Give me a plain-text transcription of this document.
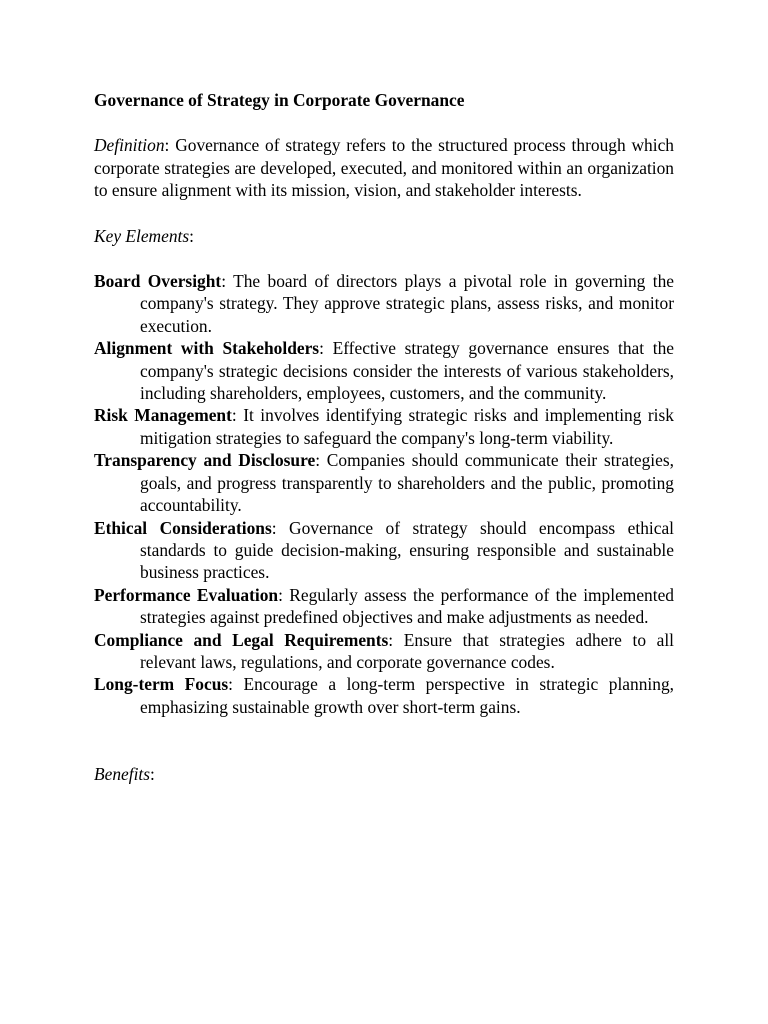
Governance of Strategy in Corporate Governance

Definition: Governance of strategy refers to the structured process through which corporate strategies are developed, executed, and monitored within an organization to ensure alignment with its mission, vision, and stakeholder interests.

Key Elements:

Board Oversight: The board of directors plays a pivotal role in governing the company's strategy. They approve strategic plans, assess risks, and monitor execution.
Alignment with Stakeholders: Effective strategy governance ensures that the company's strategic decisions consider the interests of various stakeholders, including shareholders, employees, customers, and the community.
Risk Management: It involves identifying strategic risks and implementing risk mitigation strategies to safeguard the company's long-term viability.
Transparency and Disclosure: Companies should communicate their strategies, goals, and progress transparently to shareholders and the public, promoting accountability.
Ethical Considerations: Governance of strategy should encompass ethical standards to guide decision-making, ensuring responsible and sustainable business practices.
Performance Evaluation: Regularly assess the performance of the implemented strategies against predefined objectives and make adjustments as needed.
Compliance and Legal Requirements: Ensure that strategies adhere to all relevant laws, regulations, and corporate governance codes.
Long-term Focus: Encourage a long-term perspective in strategic planning, emphasizing sustainable growth over short-term gains.

Benefits:
